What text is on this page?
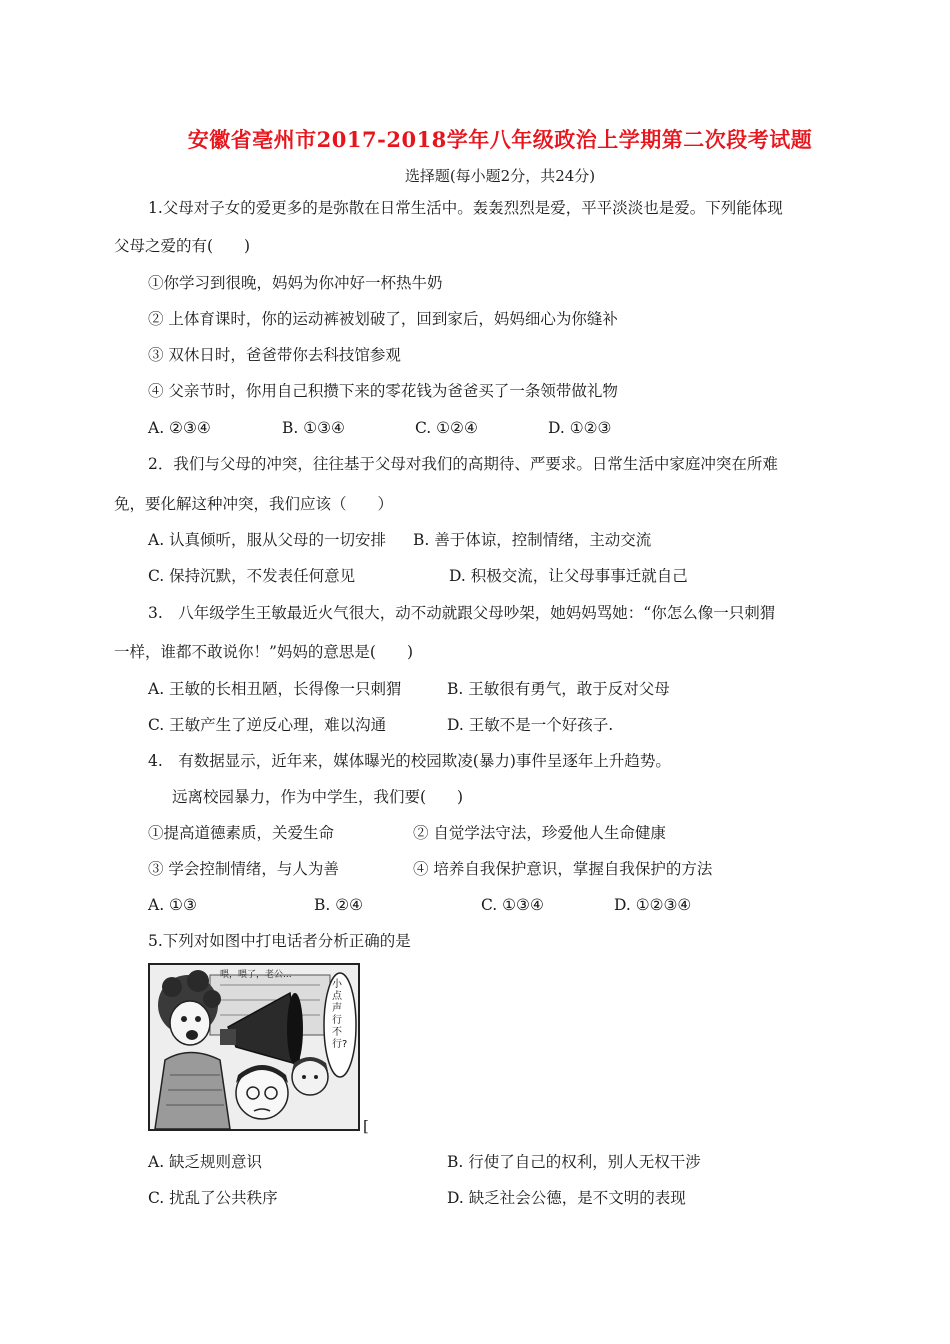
安徽省亳州市2017-2018学年八年级政治上学期第二次段考试题
选择题(每小题2分，共24分)
1.父母对子女的爱更多的是弥散在日常生活中。轰轰烈烈是爱，平平淡淡也是爱。下列能体现
父母之爱的有(　　)
①你学习到很晚，妈妈为你冲好一杯热牛奶
② 上体育课时，你的运动裤被划破了，回到家后，妈妈细心为你缝补
③ 双休日时，爸爸带你去科技馆参观
④ 父亲节时，你用自己积攒下来的零花钱为爸爸买了一条领带做礼物
A. ②③④	B. ①③④	C. ①②④	D. ①②③
2．我们与父母的冲突，往往基于父母对我们的高期待、严要求。日常生活中家庭冲突在所难
免，要化解这种冲突，我们应该（　　）
A. 认真倾听，服从父母的一切安排 B. 善于体谅，控制情绪，主动交流
C. 保持沉默，不发表任何意见	D. 积极交流，让父母事事迁就自己
3.　八年级学生王敏最近火气很大，动不动就跟父母吵架，她妈妈骂她：“你怎么像一只刺猬
一样，谁都不敢说你！”妈妈的意思是(　　)
A. 王敏的长相丑陋，长得像一只刺猬	B. 王敏很有勇气，敢于反对父母
C. 王敏产生了逆反心理，难以沟通	D. 王敏不是一个好孩子.
4.　有数据显示，近年来，媒体曝光的校园欺凌(暴力)事件呈逐年上升趋势。
远离校园暴力，作为中学生，我们要(　　)
①提高道德素质，关爱生命	② 自觉学法守法，珍爱他人生命健康
③ 学会控制情绪，与人为善	④ 培养自我保护意识，掌握自我保护的方法
A. ①③	B. ②④	C. ①③④	D. ①②③④
5.下列对如图中打电话者分析正确的是
喂，喂了，老公...
小点声行不行?
[
A. 缺乏规则意识	B. 行使了自己的权利，别人无权干涉
C. 扰乱了公共秩序	D. 缺乏社会公德，是不文明的表现
